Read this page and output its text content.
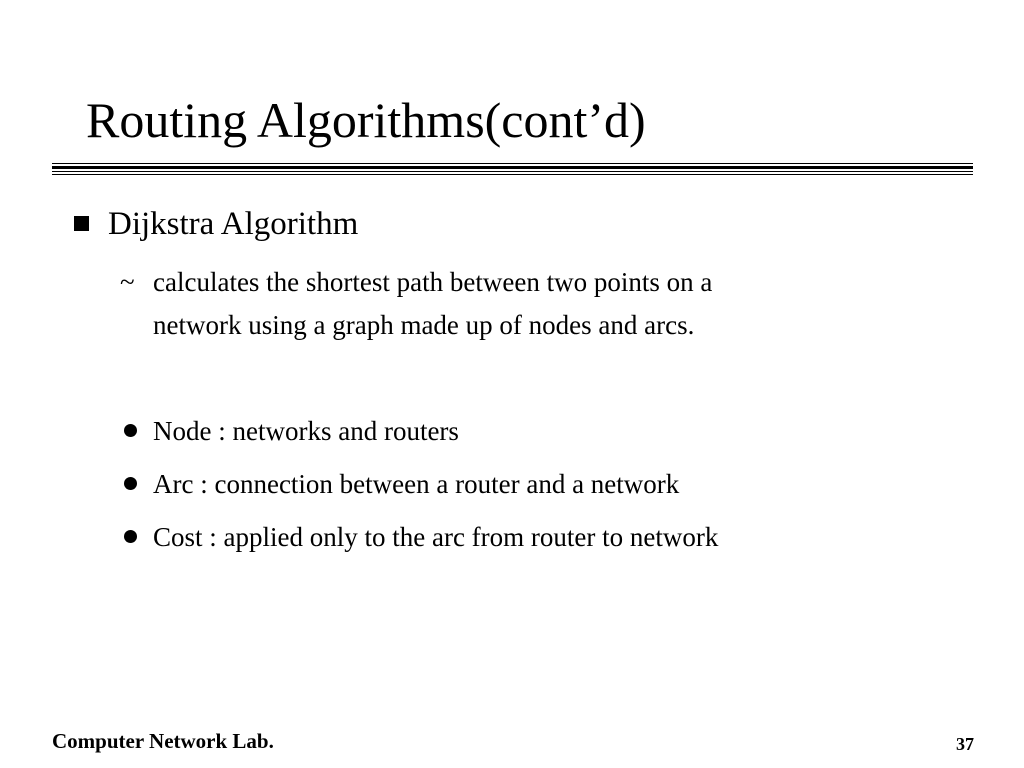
Routing Algorithms(cont’d)
Dijkstra Algorithm
~ calculates the shortest path between two points on a
network using a graph made up of nodes and arcs.
Node : networks and routers
Arc : connection between a router and a network
Cost : applied only to the arc from router to network
Computer Network Lab.	37
